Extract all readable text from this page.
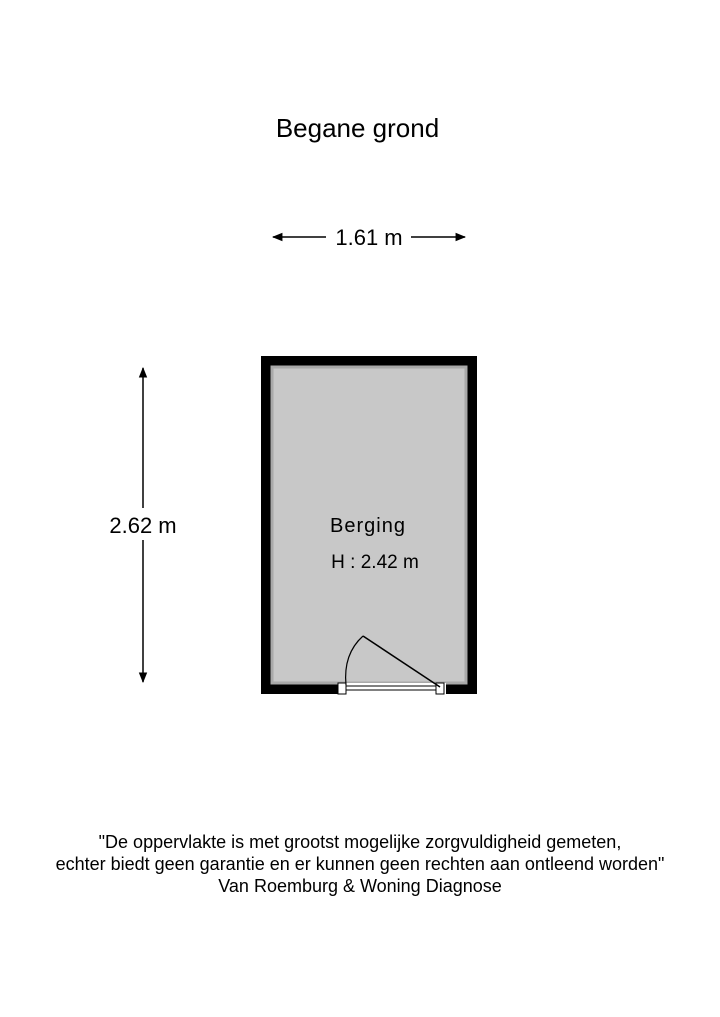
Begane grond
1.61 m
2.62 m	Berging
H : 2.42 m
"De oppervlakte is met grootst mogelijke zorgvuldigheid gemeten,
echter biedt geen garantie en er kunnen geen rechten aan ontleend worden"
Van Roemburg & Woning Diagnose
